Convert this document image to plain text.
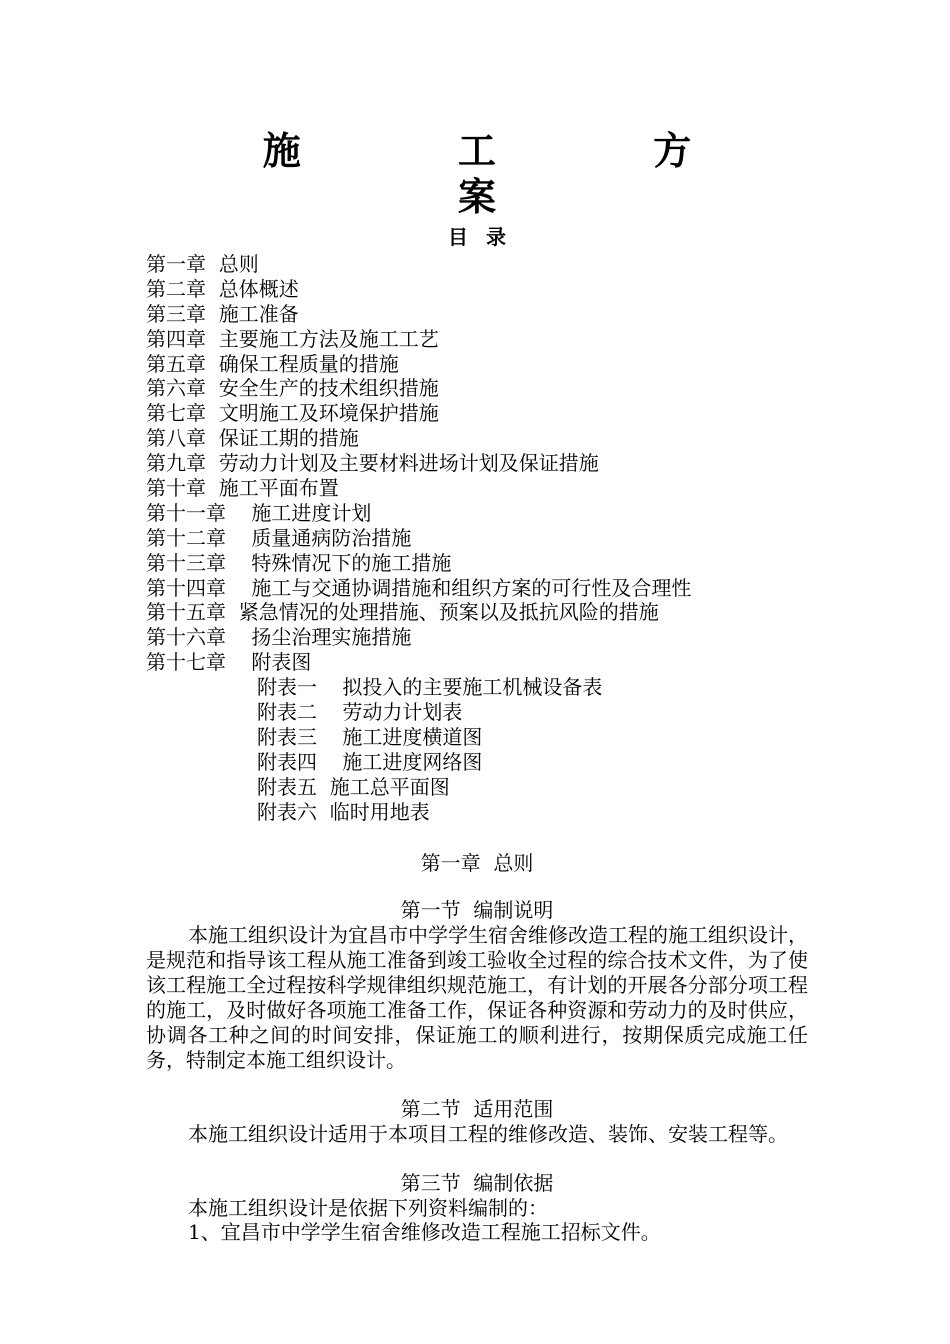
施 工 方 案
目录
第一章  总则
第二章  总体概述
第三章  施工准备
第四章  主要施工方法及施工工艺
第五章  确保工程质量的措施
第六章  安全生产的技术组织措施
第七章  文明施工及环境保护措施
第八章  保证工期的措施
第九章  劳动力计划及主要材料进场计划及保证措施
第十章  施工平面布置
第十一章    施工进度计划
第十二章    质量通病防治措施
第十三章    特殊情况下的施工措施
第十四章    施工与交通协调措施和组织方案的可行性及合理性
第十五章  紧急情况的处理措施、预案以及抵抗风险的措施
第十六章    扬尘治理实施措施
第十七章    附表图
附表一    拟投入的主要施工机械设备表
附表二    劳动力计划表
附表三    施工进度横道图
附表四    施工进度网络图
附表五  施工总平面图
附表六  临时用地表
第一章  总则
第一节  编制说明

本施工组织设计为宜昌市中学学生宿舍维修改造工程的施工组织设计，是规范和指导该工程从施工准备到竣工验收全过程的综合技术文件，为了使该工程施工全过程按科学规律组织规范施工，有计划的开展各分部分项工程的施工，及时做好各项施工准备工作，保证各种资源和劳动力的及时供应，协调各工种之间的时间安排，保证施工的顺利进行，按期保质完成施工任务，特制定本施工组织设计。

第二节  适用范围

本施工组织设计适用于本项目工程的维修改造、装饰、安装工程等。

第三节  编制依据

本施工组织设计是依据下列资料编制的：

1、宜昌市中学学生宿舍维修改造工程施工招标文件。
